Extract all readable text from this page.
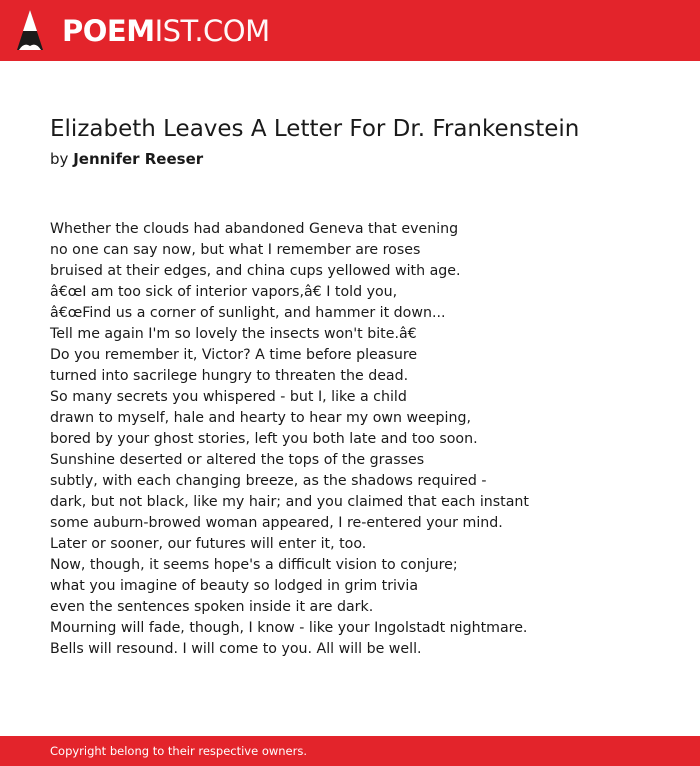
POEMIST.COM
Elizabeth Leaves A Letter For Dr. Frankenstein
by Jennifer Reeser
Whether the clouds had abandoned Geneva that evening
no one can say now, but what I remember are roses
bruised at their edges, and china cups yellowed with age.
â€œI am too sick of interior vapors,â€ I told you,
â€œFind us a corner of sunlight, and hammer it down...
Tell me again I'm so lovely the insects won't bite.â€
Do you remember it, Victor? A time before pleasure
turned into sacrilege hungry to threaten the dead.
So many secrets you whispered - but I, like a child
drawn to myself, hale and hearty to hear my own weeping,
bored by your ghost stories, left you both late and too soon.
Sunshine deserted or altered the tops of the grasses
subtly, with each changing breeze, as the shadows required -
dark, but not black, like my hair; and you claimed that each instant
some auburn-browed woman appeared, I re-entered your mind.
Later or sooner, our futures will enter it, too.
Now, though, it seems hope's a difficult vision to conjure;
what you imagine of beauty so lodged in grim trivia
even the sentences spoken inside it are dark.
Mourning will fade, though, I know - like your Ingolstadt nightmare.
Bells will resound. I will come to you. All will be well.
Copyright belong to their respective owners.
